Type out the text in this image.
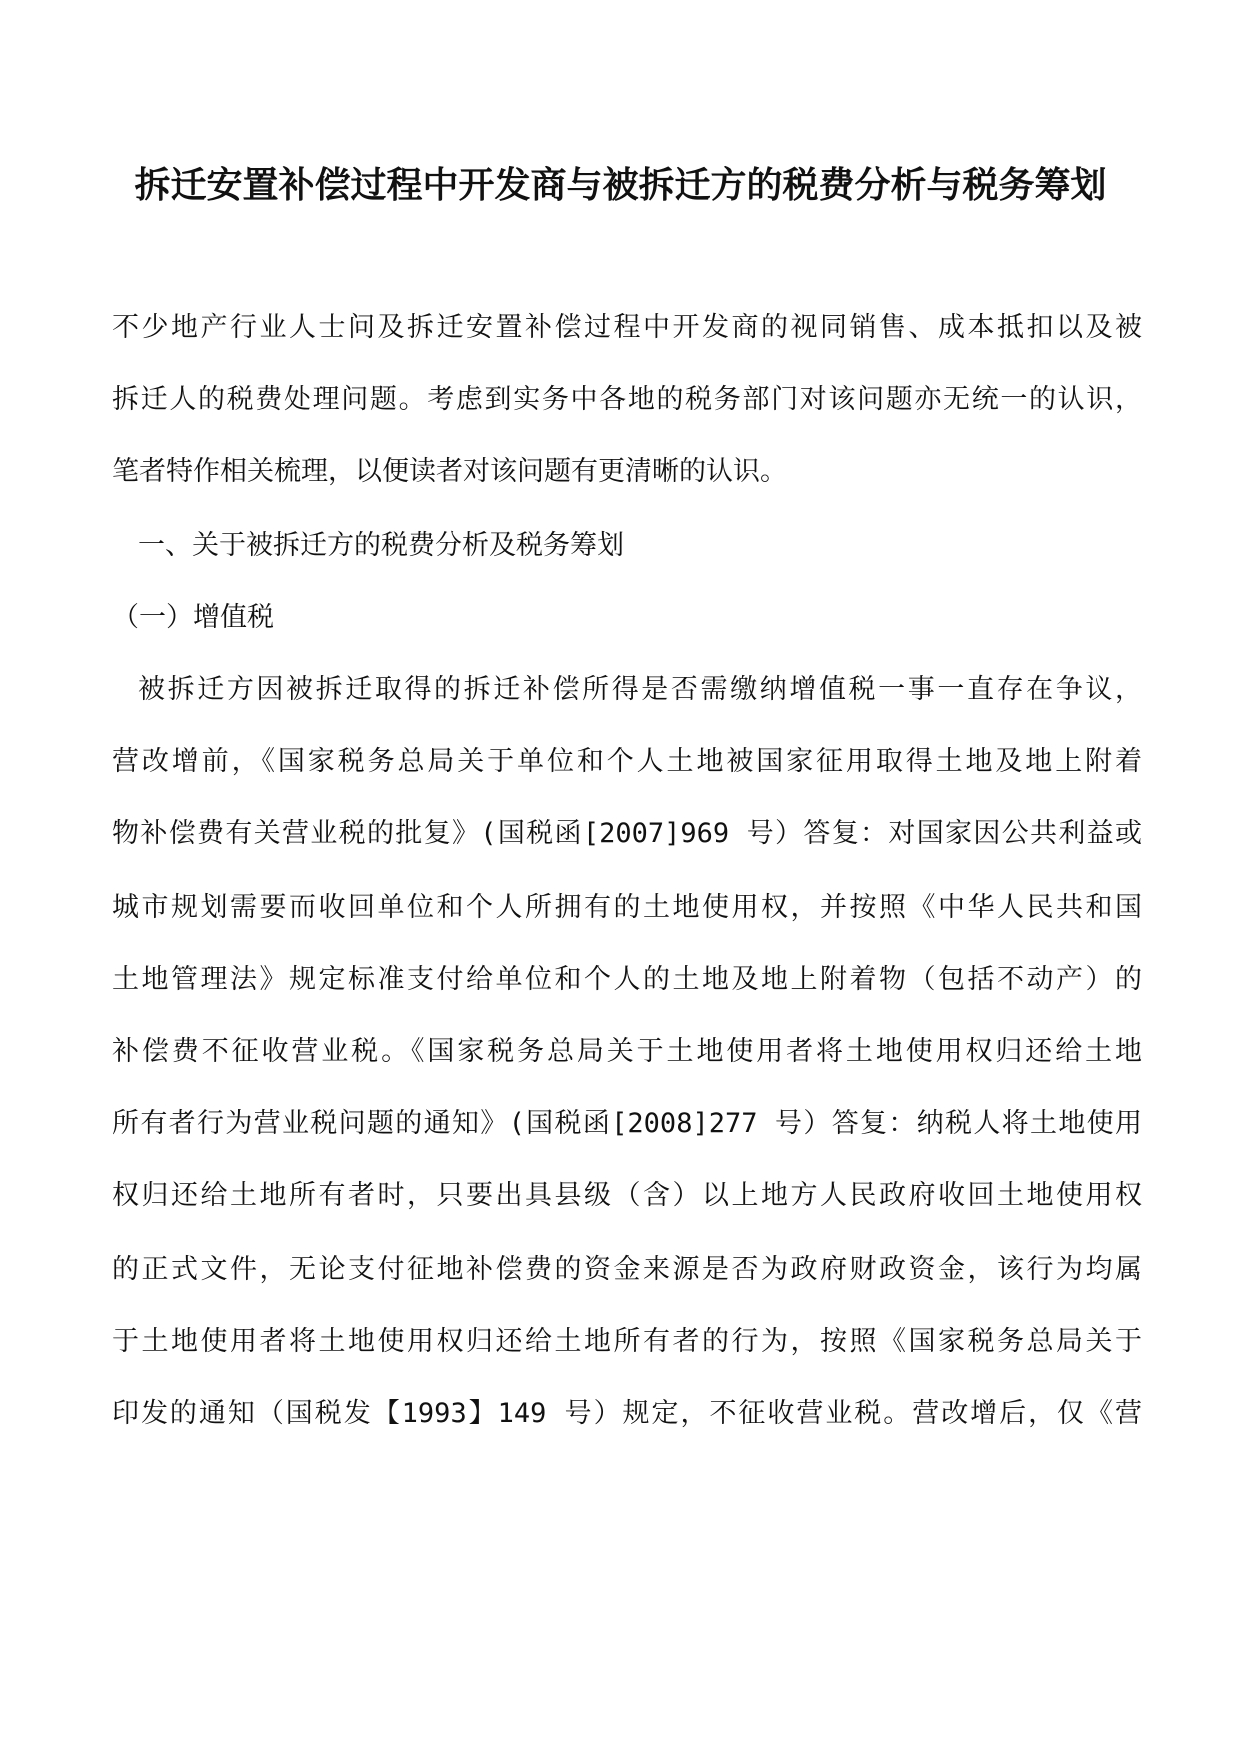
拆迁安置补偿过程中开发商与被拆迁方的税费分析与税务筹划

不少地产行业人士问及拆迁安置补偿过程中开发商的视同销售、成本抵扣以及被

拆迁人的税费处理问题。考虑到实务中各地的税务部门对该问题亦无统一的认识，

笔者特作相关梳理，以便读者对该问题有更清晰的认识。

一、关于被拆迁方的税费分析及税务筹划

（一）增值税

被拆迁方因被拆迁取得的拆迁补偿所得是否需缴纳增值税一事一直存在争议，

营改增前，《国家税务总局关于单位和个人土地被国家征用取得土地及地上附着

物补偿费有关营业税的批复》(国税函[2007]969 号）答复：对国家因公共利益或

城市规划需要而收回单位和个人所拥有的土地使用权，并按照《中华人民共和国

土地管理法》规定标准支付给单位和个人的土地及地上附着物（包括不动产）的

补偿费不征收营业税。《国家税务总局关于土地使用者将土地使用权归还给土地

所有者行为营业税问题的通知》(国税函[2008]277 号）答复：纳税人将土地使用

权归还给土地所有者时，只要出具县级（含）以上地方人民政府收回土地使用权

的正式文件，无论支付征地补偿费的资金来源是否为政府财政资金，该行为均属

于土地使用者将土地使用权归还给土地所有者的行为，按照《国家税务总局关于

印发的通知（国税发【1993】149 号）规定，不征收营业税。营改增后，仅《营
